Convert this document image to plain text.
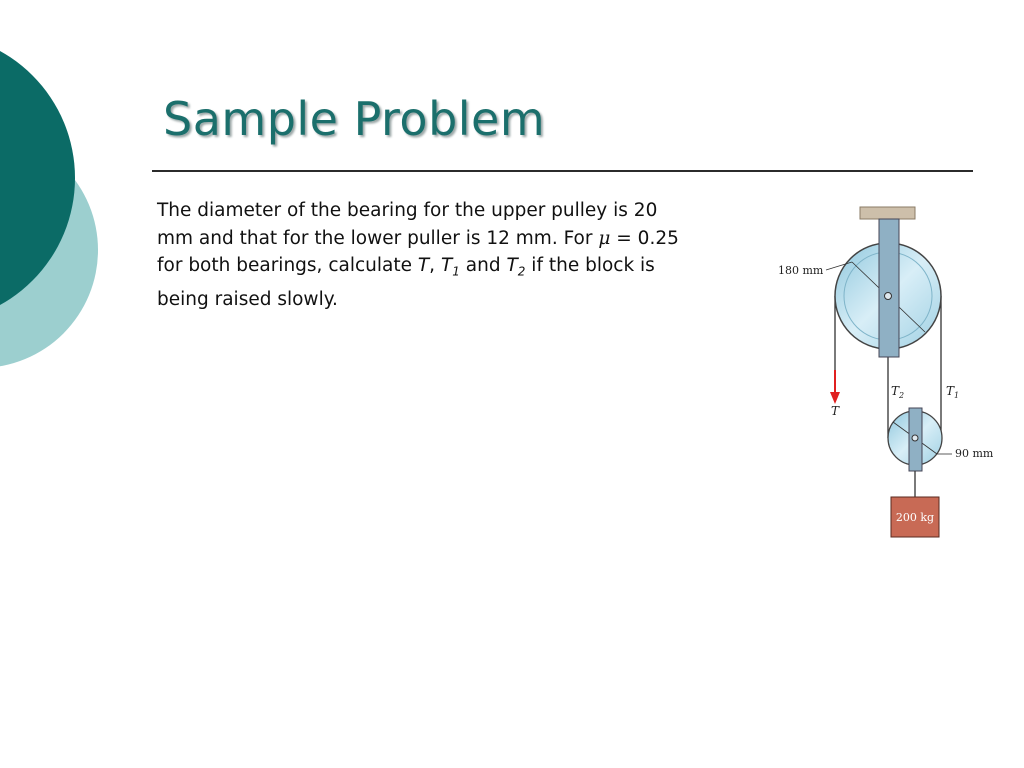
Sample Problem

The diameter of the bearing for the upper pulley is 20

mm and that for the lower puller is 12 mm. For μ = 0.25

for both bearings, calculate T, $T_1$ and $T_2$ if the block is

being raised slowly.

180 mm
90 mm
200 kg
T
$T_2$	$T_1$
